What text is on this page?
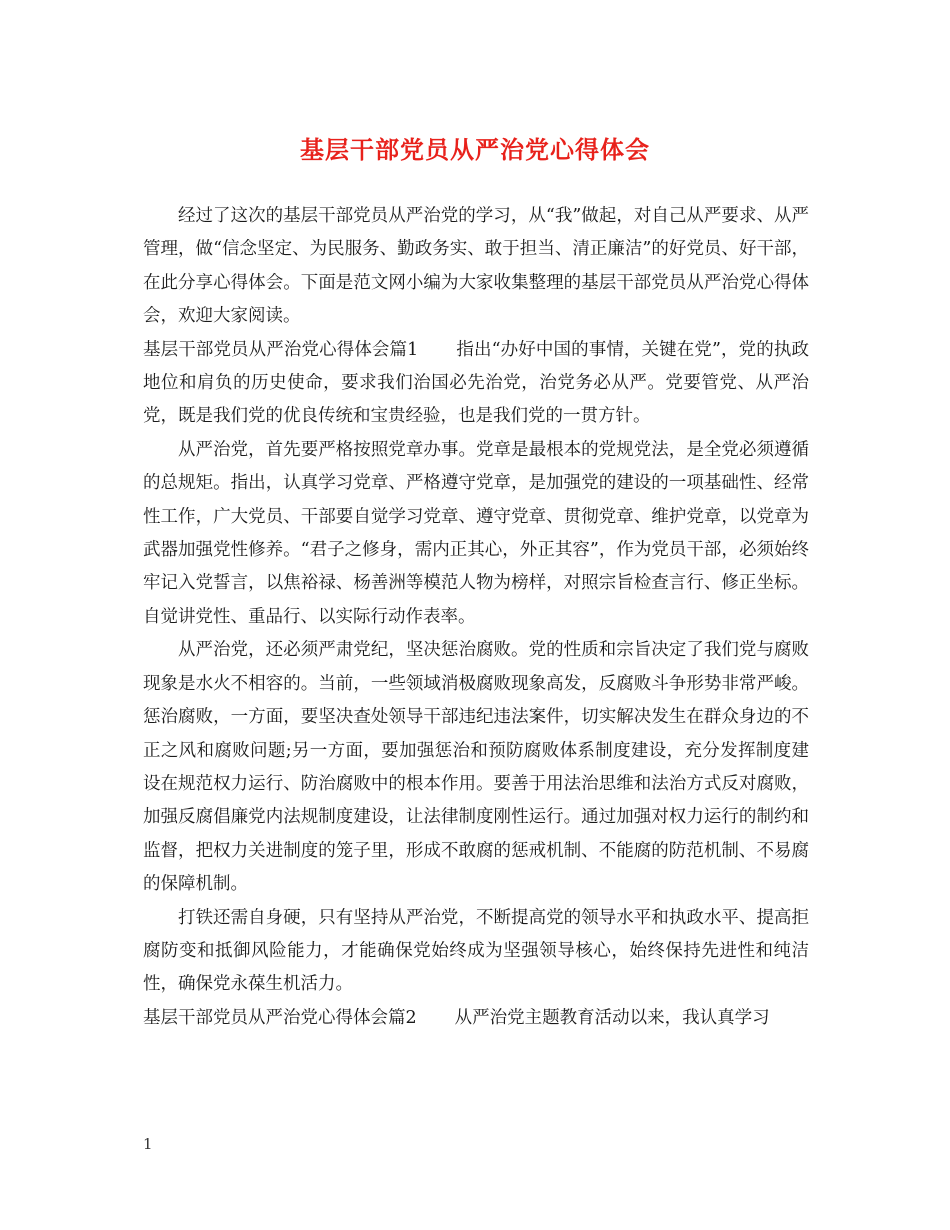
基层干部党员从严治党心得体会

经过了这次的基层干部党员从严治党的学习，从“我”做起，对自己从严要求、从严管理，做“信念坚定、为民服务、勤政务实、敢于担当、清正廉洁”的好党员、好干部，在此分享心得体会。下面是范文网小编为大家收集整理的基层干部党员从严治党心得体会，欢迎大家阅读。

基层干部党员从严治党心得体会篇1 指出“办好中国的事情，关键在党”，党的执政地位和肩负的历史使命，要求我们治国必先治党，治党务必从严。党要管党、从严治党，既是我们党的优良传统和宝贵经验，也是我们党的一贯方针。

从严治党，首先要严格按照党章办事。党章是最根本的党规党法，是全党必须遵循的总规矩。指出，认真学习党章、严格遵守党章，是加强党的建设的一项基础性、经常性工作，广大党员、干部要自觉学习党章、遵守党章、贯彻党章、维护党章，以党章为武器加强党性修养。“君子之修身，需内正其心，外正其容”，作为党员干部，必须始终牢记入党誓言，以焦裕禄、杨善洲等模范人物为榜样，对照宗旨检查言行、修正坐标。自觉讲党性、重品行、以实际行动作表率。

从严治党，还必须严肃党纪，坚决惩治腐败。党的性质和宗旨决定了我们党与腐败现象是水火不相容的。当前，一些领域消极腐败现象高发，反腐败斗争形势非常严峻。惩治腐败，一方面，要坚决查处领导干部违纪违法案件，切实解决发生在群众身边的不正之风和腐败问题;另一方面，要加强惩治和预防腐败体系制度建设，充分发挥制度建设在规范权力运行、防治腐败中的根本作用。要善于用法治思维和法治方式反对腐败，加强反腐倡廉党内法规制度建设，让法律制度刚性运行。通过加强对权力运行的制约和监督，把权力关进制度的笼子里，形成不敢腐的惩戒机制、不能腐的防范机制、不易腐的保障机制。

打铁还需自身硬，只有坚持从严治党，不断提高党的领导水平和执政水平、提高拒腐防变和抵御风险能力，才能确保党始终成为坚强领导核心，始终保持先进性和纯洁性，确保党永葆生机活力。

基层干部党员从严治党心得体会篇2 从严治党主题教育活动以来，我认真学习

1
